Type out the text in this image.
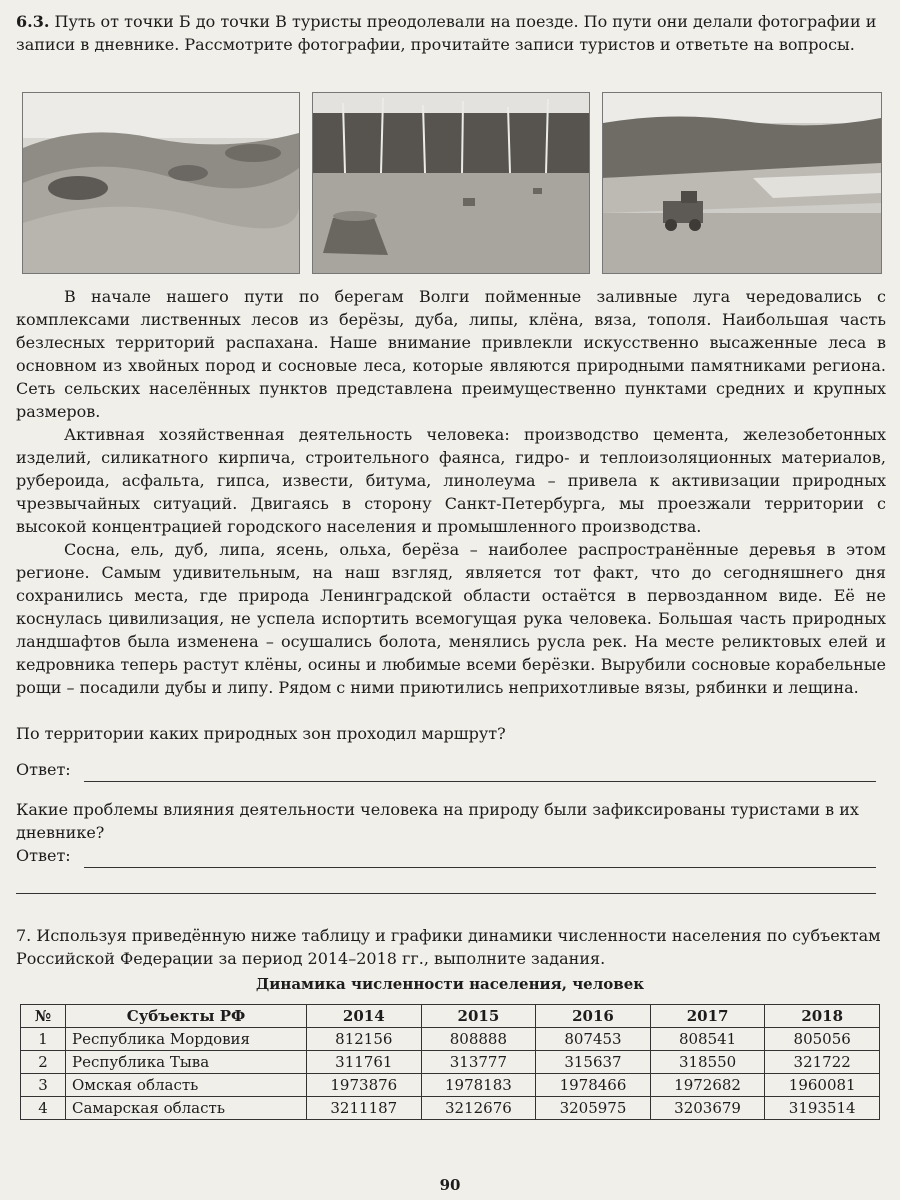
6.3. Путь от точки Б до точки В туристы преодолевали на поезде. По пути они делали фотографии и записи в дневнике. Рассмотрите фотографии, прочитайте записи туристов и ответьте на вопросы.

В начале нашего пути по берегам Волги пойменные заливные луга чередовались с комплексами лиственных лесов из берёзы, дуба, липы, клёна, вяза, тополя. Наибольшая часть безлесных территорий распахана. Наше внимание привлекли искусственно высаженные леса в основном из хвойных пород и сосновые леса, которые являются природными памятниками региона. Сеть сельских населённых пунктов представлена преимущественно пунктами средних и крупных размеров.

Активная хозяйственная деятельность человека: производство цемента, железобетонных изделий, силикатного кирпича, строительного фаянса, гидро- и теплоизоляционных материалов, рубероида, асфальта, гипса, извести, битума, линолеума – привела к активизации природных чрезвычайных ситуаций. Двигаясь в сторону Санкт-Петербурга, мы проезжали территории с высокой концентрацией городского населения и промышленного производства.

Сосна, ель, дуб, липа, ясень, ольха, берёза – наиболее распространённые деревья в этом регионе. Самым удивительным, на наш взгляд, является тот факт, что до сегодняшнего дня сохранились места, где природа Ленинградской области остаётся в первозданном виде. Её не коснулась цивилизация, не успела испортить всемогущая рука человека. Большая часть природных ландшафтов была изменена – осушались болота, менялись русла рек. На месте реликтовых елей и кедровника теперь растут клёны, осины и любимые всеми берёзки. Вырубили сосновые корабельные рощи – посадили дубы и липу. Рядом с ними приютились неприхотливые вязы, рябинки и лещина.

По территории каких природных зон проходил маршрут?

Ответ:

Какие проблемы влияния деятельности человека на природу были зафиксированы туристами в их дневнике?

Ответ:

7. Используя приведённую ниже таблицу и графики динамики численности населения по субъектам Российской Федерации за период 2014–2018 гг., выполните задания.

Динамика численности населения, человек
№	Субъекты РФ	2014	2015	2016	2017	2018
1	Республика Мордовия	812156	808888	807453	808541	805056
2	Республика Тыва	311761	313777	315637	318550	321722
3	Омская область	1973876	1978183	1978466	1972682	1960081
4	Самарская область	3211187	3212676	3205975	3203679	3193514
90
